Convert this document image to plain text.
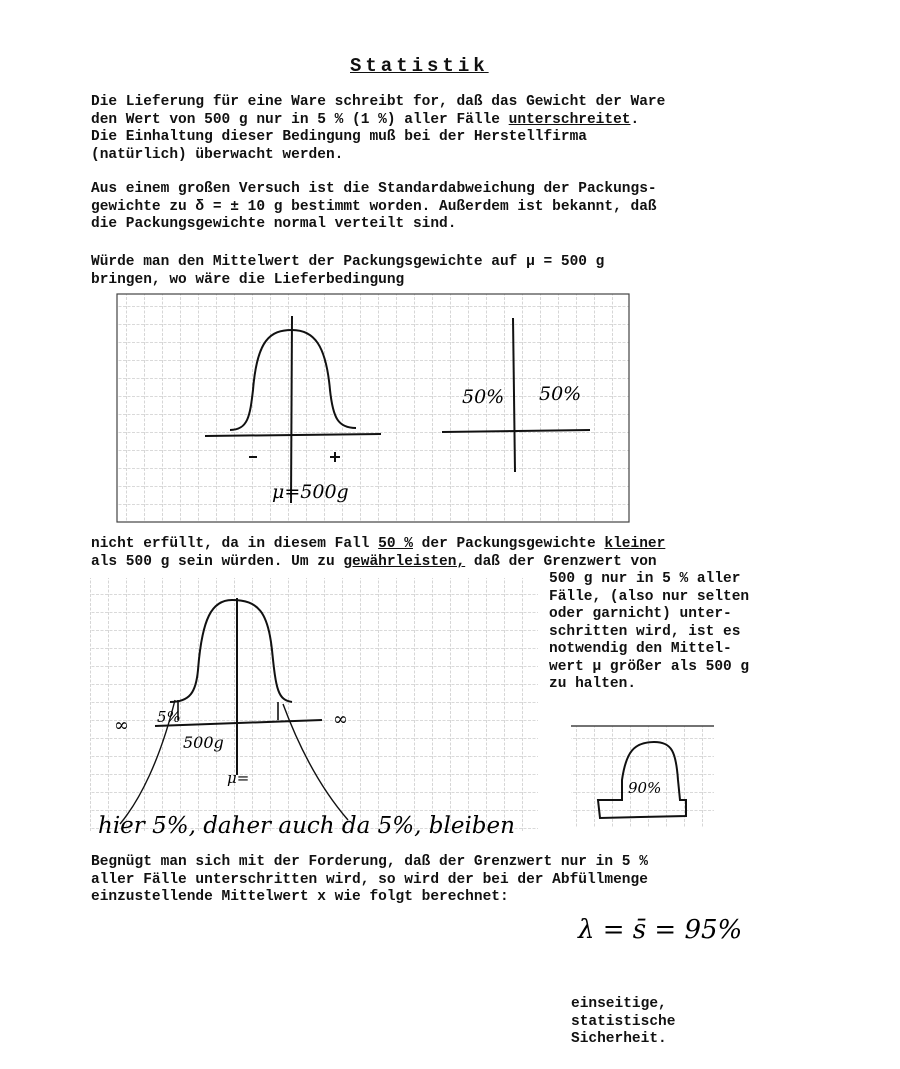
Statistik
Die Lieferung für eine Ware schreibt for, daß das Gewicht der Ware
den Wert von 500 g nur in 5 % (1 %) aller Fälle unterschreitet.
Die Einhaltung dieser Bedingung muß bei der Herstellfirma
(natürlich) überwacht werden.
Aus einem großen Versuch ist die Standardabweichung der Packungs-
gewichte zu δ = ± 10 g bestimmt worden. Außerdem ist bekannt, daß
die Packungsgewichte normal verteilt sind.
Würde man den Mittelwert der Packungsgewichte auf μ = 500 g
bringen, wo wäre die Lieferbedingung
nicht erfüllt, da in diesem Fall 50 % der Packungsgewichte kleiner
als 500 g sein würden. Um zu gewährleisten, daß der Grenzwert von
500 g nur in 5 % aller
Fälle, (also nur selten
oder garnicht) unter-
schritten wird, ist es
notwendig den Mittel-
wert μ größer als 500 g
zu halten.

Begnügt man sich mit der Forderung, daß der Grenzwert nur in 5 %
aller Fälle unterschritten wird, so wird der bei der Abfüllmenge
einzustellende Mittelwert x wie folgt berechnet:
einseitige,
statistische
Sicherheit.
μ=500g
50% 50%
∞	∞
5%
500g
μ=
hier 5%, daher auch da 5%, bleiben
90%
λ = s̄ = 95%
